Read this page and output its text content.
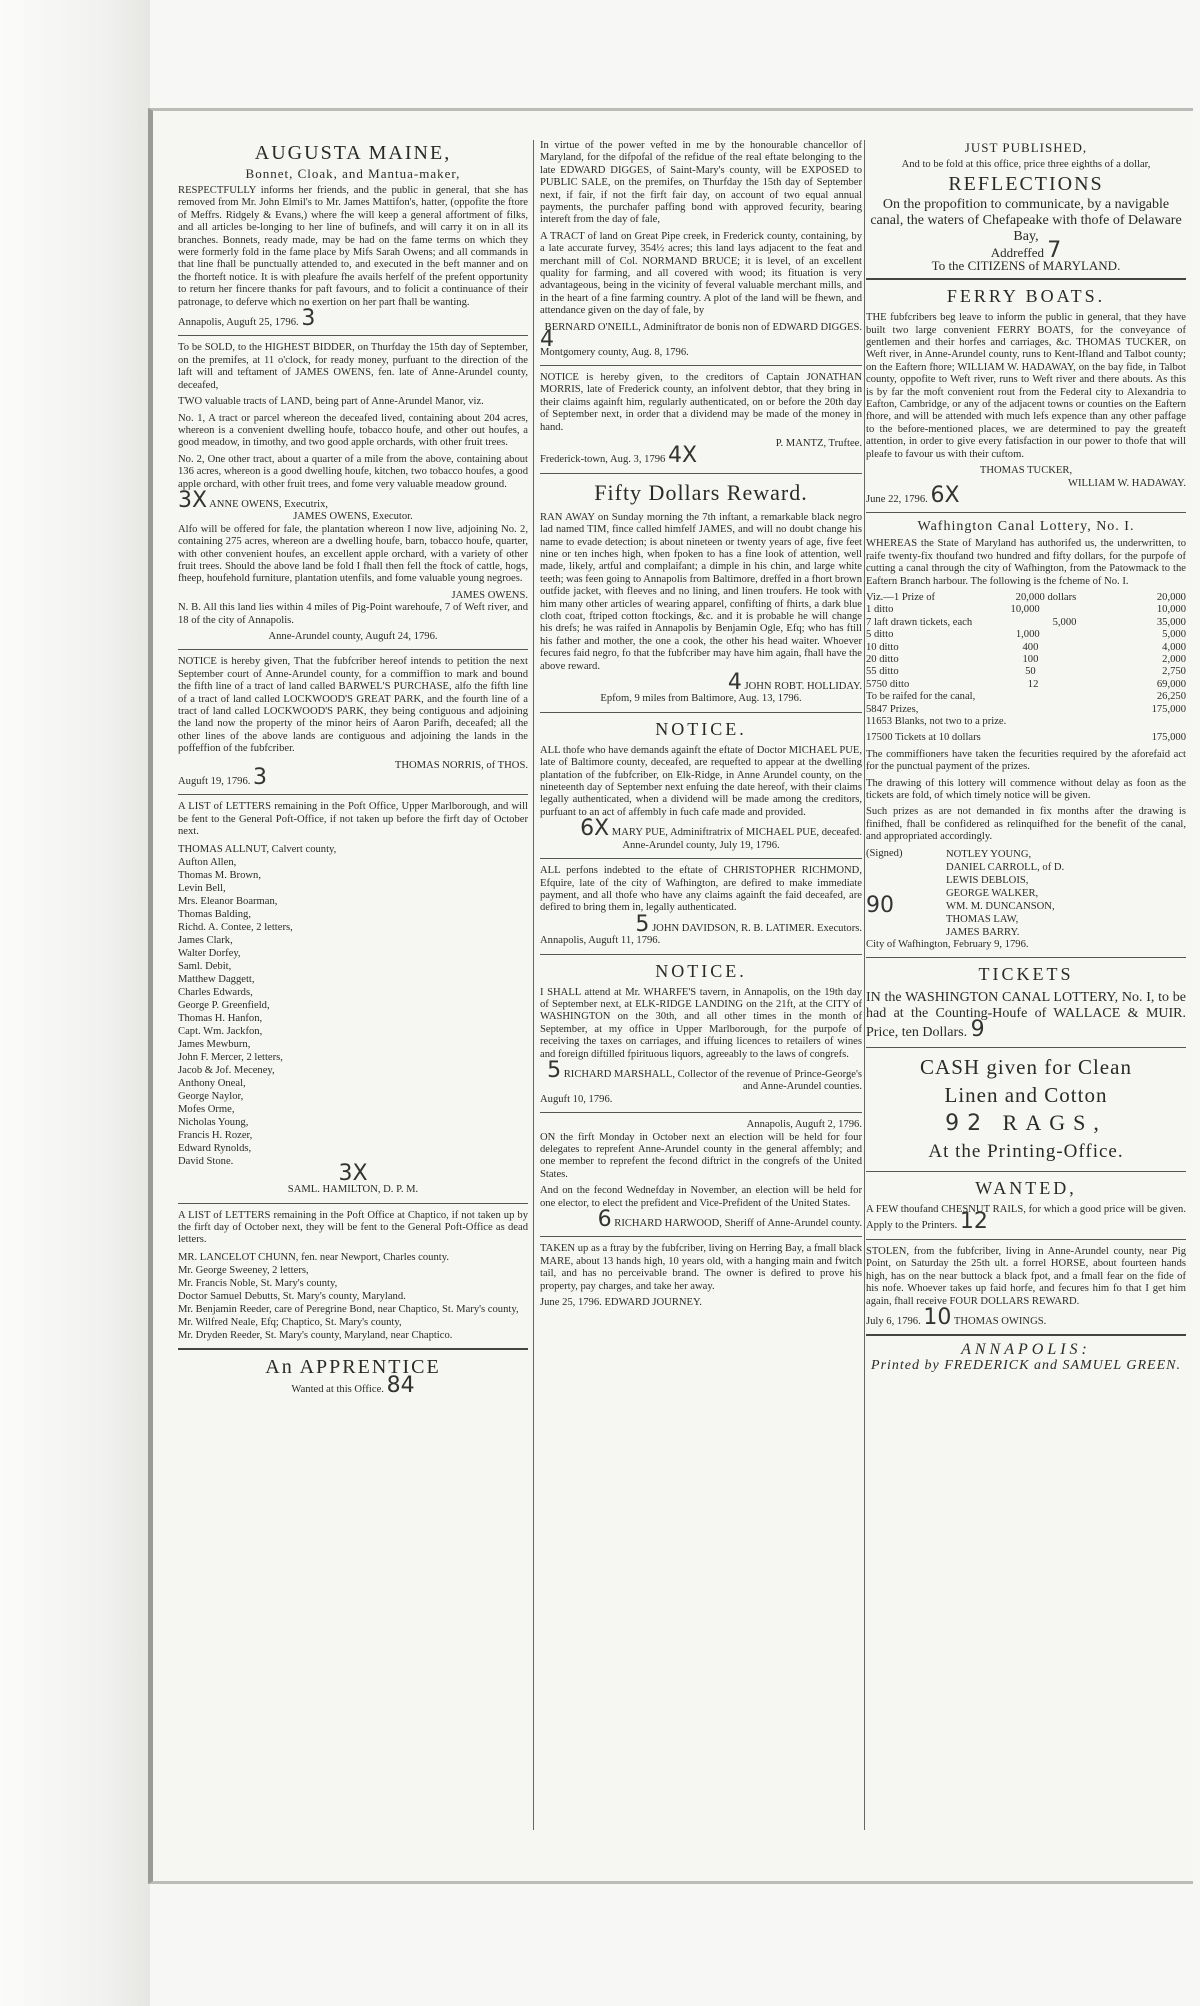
AUGUSTA MAINE,
Bonnet, Cloak, and Mantua-maker,

RESPECTFULLY informs her friends, and the public in general, that she has removed from Mr. John Elmil's to Mr. James Mattifon's, hatter, (oppofite the ftore of Meffrs. Ridgely & Evans,) where fhe will keep a general affortment of filks, and all articles be-longing to her line of bufinefs, and will carry it on in all its branches. Bonnets, ready made, may be had on the fame terms on which they were formerly fold in the fame place by Mifs Sarah Owens; and all commands in that line fhall be punctually attended to, and executed in the beft manner and on the fhorteft notice. It is with pleafure fhe avails herfelf of the prefent opportunity to return her fincere thanks for paft favours, and to folicit a continuance of their patronage, to deferve which no exertion on her part fhall be wanting.

Annapolis, Auguft 25, 1796. 3

To be SOLD, to the HIGHEST BIDDER, on Thurfday the 15th day of September, on the premifes, at 11 o'clock, for ready money, purfuant to the direction of the laft will and teftament of JAMES OWENS, fen. late of Anne-Arundel county, deceafed,

TWO valuable tracts of LAND, being part of Anne-Arundel Manor, viz.

No. 1, A tract or parcel whereon the deceafed lived, containing about 204 acres, whereon is a convenient dwelling houfe, tobacco houfe, and other out houfes, a good meadow, in timothy, and two good apple orchards, with other fruit trees.

No. 2, One other tract, about a quarter of a mile from the above, containing about 136 acres, whereon is a good dwelling houfe, kitchen, two tobacco houfes, a good apple orchard, with other fruit trees, and fome very valuable meadow ground.

3X ANNE OWENS, Executrix,
JAMES OWENS, Executor.

Alfo will be offered for fale, the plantation whereon I now live, adjoining No. 2, containing 275 acres, whereon are a dwelling houfe, barn, tobacco houfe, quarter, with other convenient houfes, an excellent apple orchard, with a variety of other fruit trees. Should the above land be fold I fhall then fell the ftock of cattle, hogs, fheep, houfehold furniture, plantation utenfils, and fome valuable young negroes.

JAMES OWENS.

N. B. All this land lies within 4 miles of Pig-Point warehoufe, 7 of Weft river, and 18 of the city of Annapolis.

Anne-Arundel county, Auguft 24, 1796.

NOTICE is hereby given, That the fubfcriber hereof intends to petition the next September court of Anne-Arundel county, for a commiffion to mark and bound the fifth line of a tract of land called BARWEL'S PURCHASE, alfo the fifth line of a tract of land called LOCKWOOD'S GREAT PARK, and the fourth line of a tract of land called LOCKWOOD'S PARK, they being contiguous and adjoining the land now the property of the minor heirs of Aaron Parifh, deceafed; all the other lines of the above lands are contiguous and adjoining the lands in the poffeffion of the fubfcriber.

THOMAS NORRIS, of THOS.
Auguft 19, 1796. 3

A LIST of LETTERS remaining in the Poft Office, Upper Marlborough, and will be fent to the General Poft-Office, if not taken up before the firft day of October next.

THOMAS ALLNUT, Calvert county,
Aufton Allen,
Thomas M. Brown,
Levin Bell,
Mrs. Eleanor Boarman,
Thomas Balding,
Richd. A. Contee, 2 letters,
James Clark,
Walter Dorfey,
Saml. Debit,
Matthew Daggett,
Charles Edwards,
George P. Greenfield,
Thomas H. Hanfon,
Capt. Wm. Jackfon,
James Mewburn,
John F. Mercer, 2 letters,
Jacob & Jof. Meceney,
Anthony Oneal,
George Naylor,
Mofes Orme,
Nicholas Young,
Francis H. Rozer,
Edward Rynolds,
David Stone.	3X
SAML. HAMILTON, D. P. M.

A LIST of LETTERS remaining in the Poft Office at Chaptico, if not taken up by the firft day of October next, they will be fent to the General Poft-Office as dead letters.

MR. LANCELOT CHUNN, fen. near Newport, Charles county.
Mr. George Sweeney, 2 letters,
Mr. Francis Noble, St. Mary's county,
Doctor Samuel Debutts, St. Mary's county, Maryland.
Mr. Benjamin Reeder, care of Peregrine Bond, near Chaptico, St. Mary's county,
Mr. Wilfred Neale, Efq; Chaptico, St. Mary's county,
Mr. Dryden Reeder, St. Mary's county, Maryland, near Chaptico.
An APPRENTICE
Wanted at this Office. 84

In virtue of the power vefted in me by the honourable chancellor of Maryland, for the difpofal of the refidue of the real eftate belonging to the late EDWARD DIGGES, of Saint-Mary's county, will be EXPOSED to PUBLIC SALE, on the premifes, on Thurfday the 15th day of September next, if fair, if not the firft fair day, on account of two equal annual payments, the purchafer paffing bond with approved fecurity, bearing intereft from the day of fale,

A TRACT of land on Great Pipe creek, in Frederick county, containing, by a late accurate furvey, 354½ acres; this land lays adjacent to the feat and merchant mill of Col. NORMAND BRUCE; it is level, of an excellent quality for farming, and all covered with wood; its fituation is very advantageous, being in the vicinity of feveral valuable merchant mills, and in the heart of a fine farming country. A plot of the land will be fhewn, and attendance given on the day of fale, by

BERNARD O'NEILL, Adminiftrator de bonis non of EDWARD DIGGES.
4
Montgomery county, Aug. 8, 1796.

NOTICE is hereby given, to the creditors of Captain JONATHAN MORRIS, late of Frederick county, an infolvent debtor, that they bring in their claims againft him, regularly authenticated, on or before the 20th day of September next, in order that a dividend may be made of the money in hand.

P. MANTZ, Truftee.
Frederick-town, Aug. 3, 1796 4X
Fifty Dollars Reward.

RAN AWAY on Sunday morning the 7th inftant, a remarkable black negro lad named TIM, fince called himfelf JAMES, and will no doubt change his name to evade detection; is about nineteen or twenty years of age, five feet nine or ten inches high, when fpoken to has a fine look of attention, well made, likely, artful and complaifant; a dimple in his chin, and large white teeth; was feen going to Annapolis from Baltimore, dreffed in a fhort brown outfide jacket, with fleeves and no lining, and linen troufers. He took with him many other articles of wearing apparel, confifting of fhirts, a dark blue cloth coat, ftriped cotton ftockings, &c. and it is probable he will change his drefs; he was raifed in Annapolis by Benjamin Ogle, Efq; who has ftill his father and mother, the one a cook, the other his head waiter. Whoever fecures faid negro, fo that the fubfcriber may have him again, fhall have the above reward.

4 JOHN ROBT. HOLLIDAY.
Epfom, 9 miles from Baltimore, Aug. 13, 1796.
NOTICE.

ALL thofe who have demands againft the eftate of Doctor MICHAEL PUE, late of Baltimore county, deceafed, are requefted to appear at the dwelling plantation of the fubfcriber, on Elk-Ridge, in Anne Arundel county, on the nineteenth day of September next enfuing the date hereof, with their claims legally authenticated, when a dividend will be made among the creditors, purfuant to an act of affembly in fuch cafe made and provided.

6X MARY PUE, Adminiftratrix of MICHAEL PUE, deceafed.
Anne-Arundel county, July 19, 1796.

ALL perfons indebted to the eftate of CHRISTOPHER RICHMOND, Efquire, late of the city of Wafhington, are defired to make immediate payment, and all thofe who have any claims againft the faid deceafed, are defired to bring them in, legally authenticated.

5 JOHN DAVIDSON, R. B. LATIMER. Executors.
Annapolis, Auguft 11, 1796.
NOTICE.

I SHALL attend at Mr. WHARFE'S tavern, in Annapolis, on the 19th day of September next, at ELK-RIDGE LANDING on the 21ft, at the CITY of WASHINGTON on the 30th, and all other times in the month of September, at my office in Upper Marlborough, for the purpofe of receiving the taxes on carriages, and iffuing licences to retailers of wines and foreign diftilled fpirituous liquors, agreeably to the laws of congrefs.

5 RICHARD MARSHALL, Collector of the revenue of Prince-George's and Anne-Arundel counties.
Auguft 10, 1796.
Annapolis, Auguft 2, 1796.

ON the firft Monday in October next an election will be held for four delegates to reprefent Anne-Arundel county in the general affembly; and one member to reprefent the fecond diftrict in the congrefs of the United States.

And on the fecond Wednefday in November, an election will be held for one elector, to elect the prefident and Vice-Prefident of the United States.

6 RICHARD HARWOOD, Sheriff of Anne-Arundel county.

TAKEN up as a ftray by the fubfcriber, living on Herring Bay, a fmall black MARE, about 13 hands high, 10 years old, with a hanging main and fwitch tail, and has no perceivable brand. The owner is defired to prove his property, pay charges, and take her away.

June 25, 1796. EDWARD JOURNEY.
JUST PUBLISHED,
And to be fold at this office, price three eighths of a dollar,
REFLECTIONS
On the propofition to communicate, by a navigable canal, the waters of Chefapeake with thofe of Delaware Bay,
Addreffed 7
To the CITIZENS of MARYLAND.
FERRY BOATS.

THE fubfcribers beg leave to inform the public in general, that they have built two large convenient FERRY BOATS, for the conveyance of gentlemen and their horfes and carriages, &c. THOMAS TUCKER, on Weft river, in Anne-Arundel county, runs to Kent-Ifland and Talbot county; on the Eaftern fhore; WILLIAM W. HADAWAY, on the bay fide, in Talbot county, oppofite to Weft river, runs to Weft river and there abouts. As this is by far the moft convenient rout from the Federal city to Alexandria to Eafton, Cambridge, or any of the adjacent towns or counties on the Eaftern fhore, and will be attended with much lefs expence than any other paffage to the before-mentioned places, we are determined to pay the greateft attention, in order to give every fatisfaction in our power to thofe that will pleafe to favour us with their cuftom.

THOMAS TUCKER,
WILLIAM W. HADAWAY.
June 22, 1796. 6X
Wafhington Canal Lottery, No. I.

WHEREAS the State of Maryland has authorifed us, the underwritten, to raife twenty-fix thoufand two hundred and fifty dollars, for the purpofe of cutting a canal through the city of Wafhington, from the Patowmack to the Eaftern Branch harbour. The following is the fcheme of No. I.

Viz.—1 Prize of	20,000 dollars	20,000
1 ditto	10,000	10,000
7 laft drawn tickets, each	5,000	35,000
5 ditto	1,000	5,000
10 ditto	400	4,000
20 ditto	100	2,000
55 ditto	50	2,750
5750 ditto	12	69,000
To be raifed for the canal,	26,250
5847 Prizes,	175,000
11653 Blanks, not two to a prize.
17500 Tickets at 10 dollars	175,000

The commiffioners have taken the fecurities required by the aforefaid act for the punctual payment of the prizes.

The drawing of this lottery will commence without delay as foon as the tickets are fold, of which timely notice will be given.

Such prizes as are not demanded in fix months after the drawing is finifhed, fhall be confidered as relinquifhed for the benefit of the canal, and appropriated accordingly.

(Signed)
90
NOTLEY YOUNG,
DANIEL CARROLL, of D.
LEWIS DEBLOIS,
GEORGE WALKER,
WM. M. DUNCANSON,
THOMAS LAW,
JAMES BARRY.
City of Wafhington, February 9, 1796.
TICKETS

IN the WASHINGTON CANAL LOTTERY, No. I, to be had at the Counting-Houfe of WALLACE & MUIR. Price, ten Dollars. 9

CASH given for Clean
Linen and Cotton
92 RAGS,
At the Printing-Office.
WANTED,

A FEW thoufand CHESNUT RAILS, for which a good price will be given. Apply to the Printers. 12

STOLEN, from the fubfcriber, living in Anne-Arundel county, near Pig Point, on Saturday the 25th ult. a forrel HORSE, about fourteen hands high, has on the near buttock a black fpot, and a fmall fear on the fide of his nofe. Whoever takes up faid horfe, and fecures him fo that I get him again, fhall receive FOUR DOLLARS REWARD.

July 6, 1796. 10 THOMAS OWINGS.
ANNAPOLIS:
Printed by FREDERICK and SAMUEL GREEN.
